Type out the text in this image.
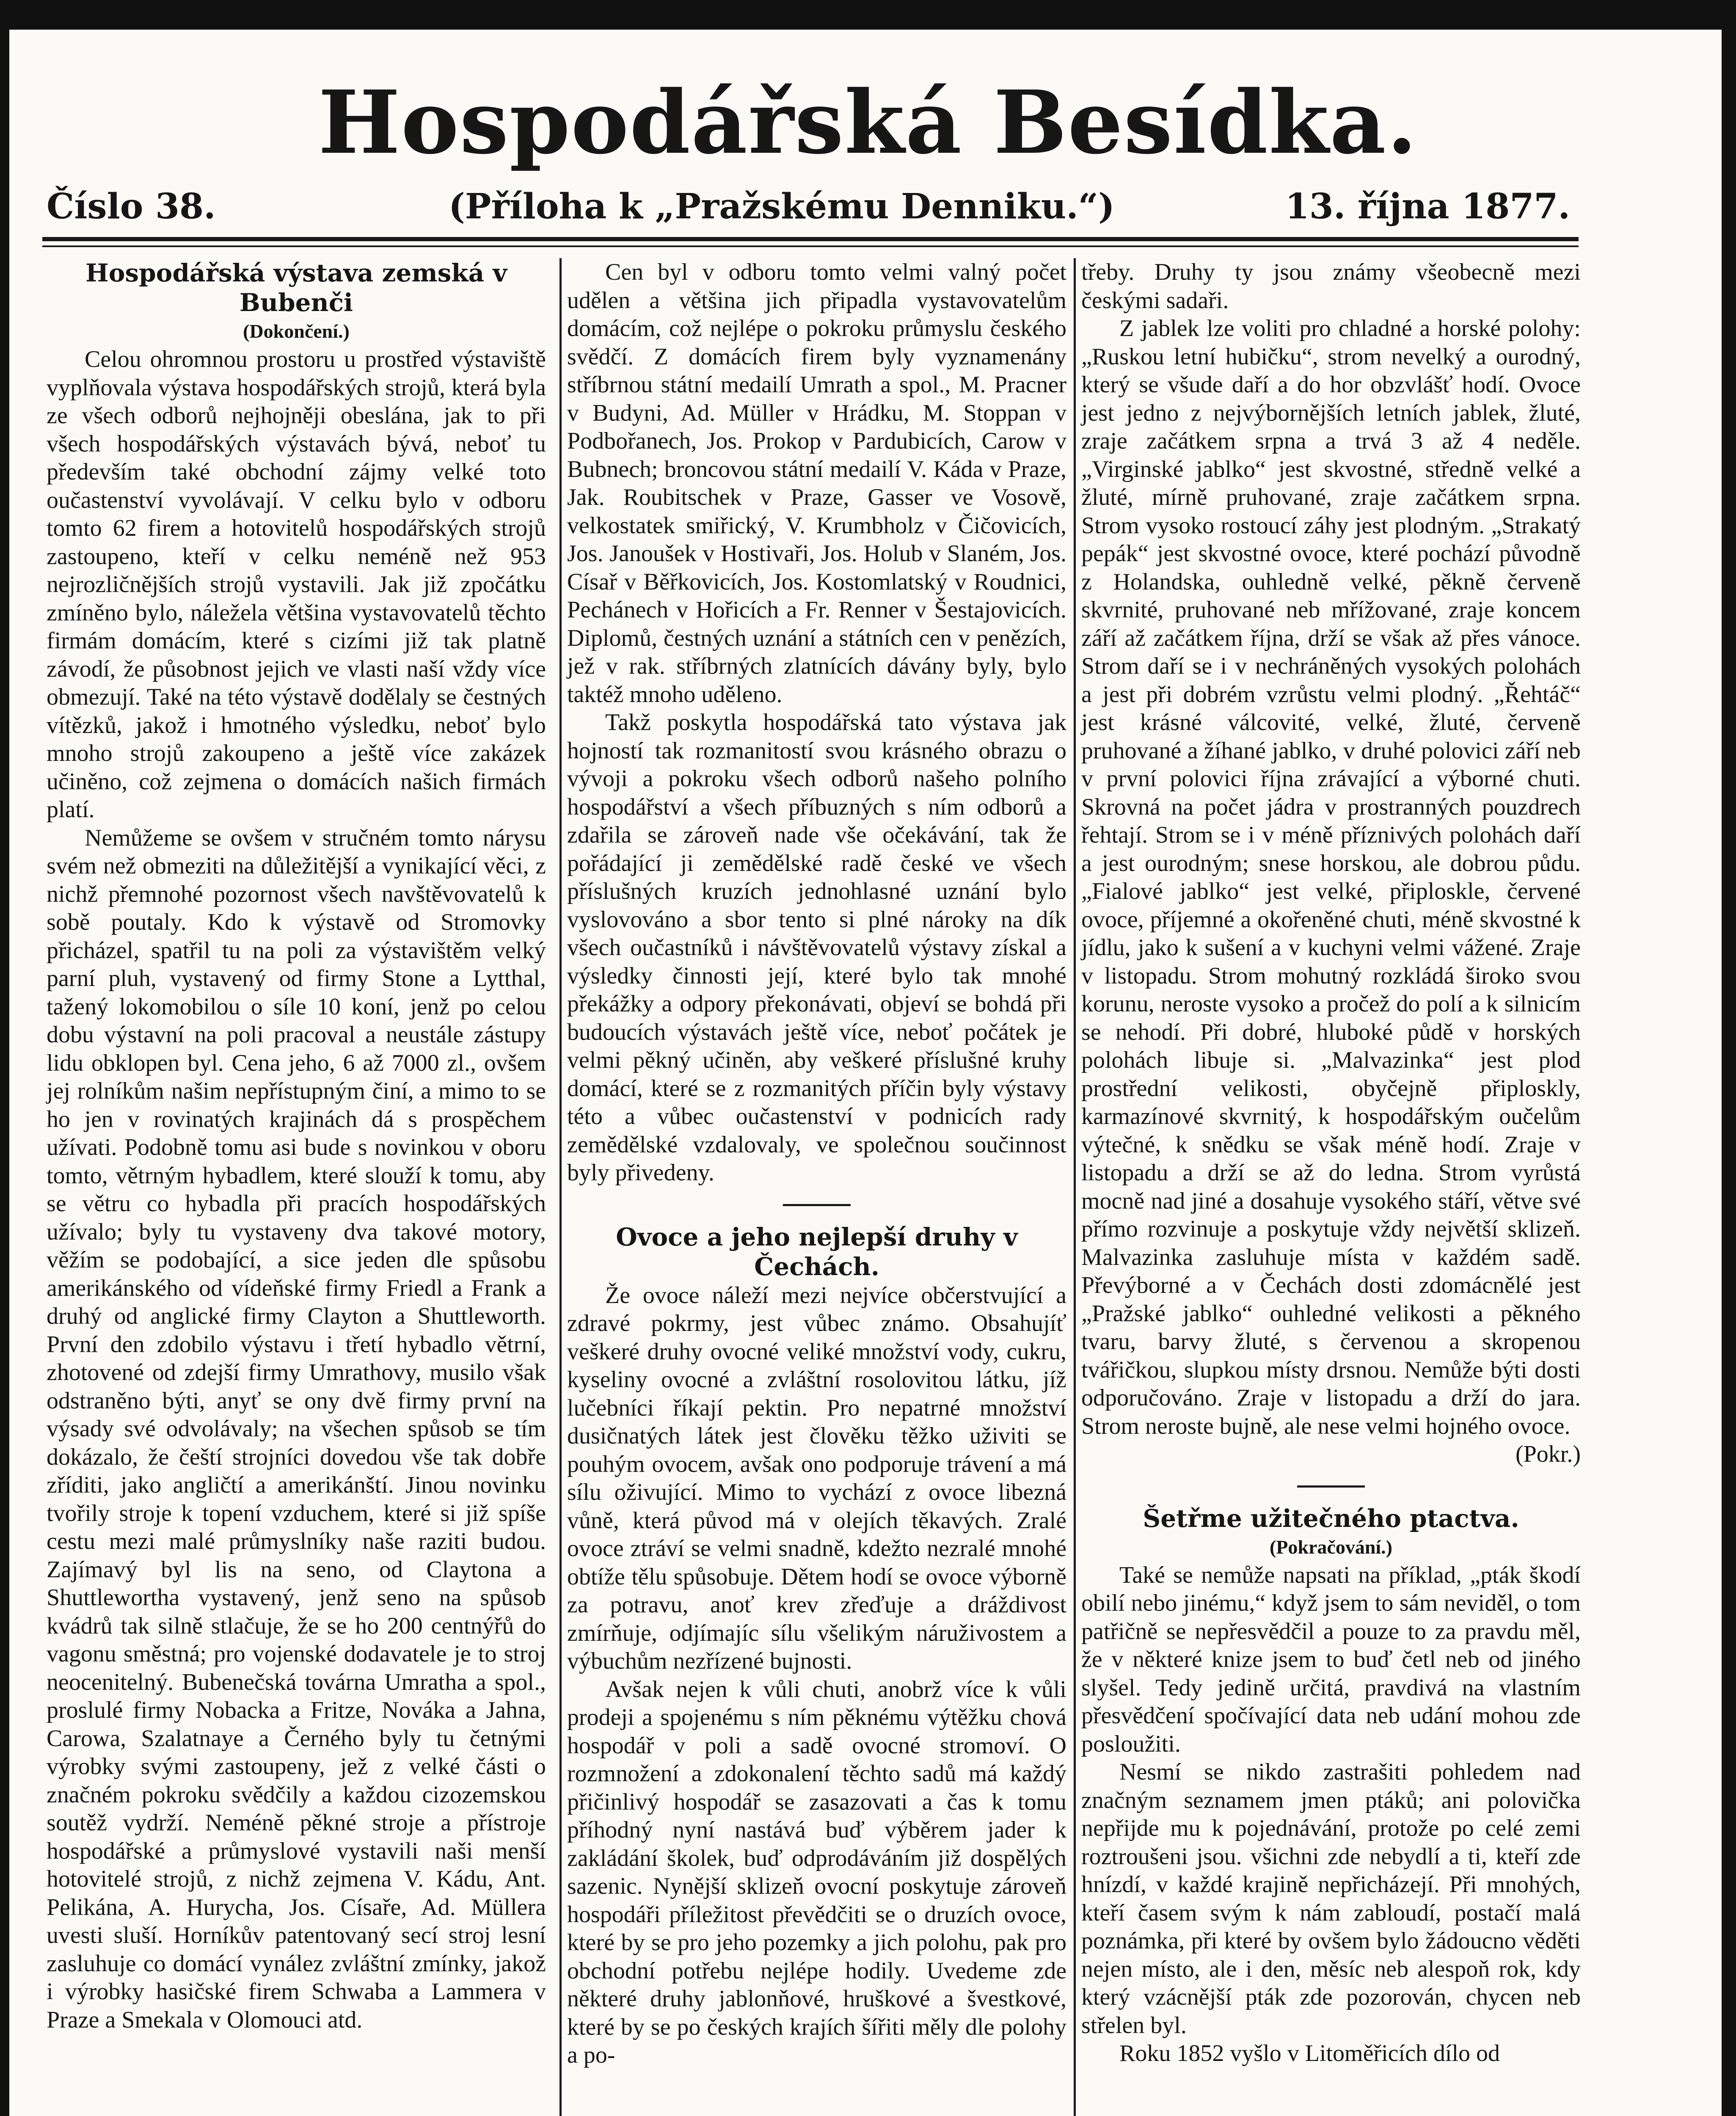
Hospodářská Besídka.
Číslo 38.	(Příloha k „Pražskému Denniku.“)	13. října 1877.
Hospodářská výstava zemská v Bubenči
(Dokončení.)

Celou ohromnou prostoru u prostřed výstaviště vyplňovala výstava hospodářských strojů, která byla ze všech odborů nejhojněji obeslána, jak to při všech hospodářských výstavách bývá, neboť tu především také obchodní zájmy velké toto oučastenství vyvolávají. V celku bylo v odboru tomto 62 firem a hotovitelů hospodářských strojů zastoupeno, kteří v celku neméně než 953 nejrozličnějších strojů vystavili. Jak již zpočátku zmíněno bylo, náležela většina vystavovatelů těchto firmám domácím, které s cizími již tak platně závodí, že působnost jejich ve vlasti naší vždy více obmezují. Také na této výstavě dodělaly se čestných vítězků, jakož i hmotného výsledku, neboť bylo mnoho strojů zakoupeno a ještě více zakázek učiněno, což zejmena o domácích našich firmách platí.

Nemůžeme se ovšem v stručném tomto nárysu svém než obmeziti na důležitější a vynikající věci, z nichž přemnohé pozornost všech navštěvovatelů k sobě poutaly. Kdo k výstavě od Stromovky přicházel, spatřil tu na poli za výstavištěm velký parní pluh, vystavený od firmy Stone a Lytthal, tažený lokomobilou o síle 10 koní, jenž po celou dobu výstavní na poli pracoval a neustále zástupy lidu obklopen byl. Cena jeho, 6 až 7000 zl., ovšem jej rolníkům našim nepřístupným činí, a mimo to se ho jen v rovinatých krajinách dá s prospěchem užívati. Podobně tomu asi bude s novinkou v oboru tomto, větrným hybadlem, které slouží k tomu, aby se větru co hybadla při pracích hospodářských užívalo; byly tu vystaveny dva takové motory, věžím se podobající, a sice jeden dle spůsobu amerikánského od vídeňské firmy Friedl a Frank a druhý od anglické firmy Clayton a Shuttleworth. První den zdobilo výstavu i třetí hybadlo větrní, zhotovené od zdejší firmy Umrathovy, musilo však odstraněno býti, anyť se ony dvě firmy první na výsady své odvolávaly; na všechen spůsob se tím dokázalo, že čeští strojníci dovedou vše tak dobře zříditi, jako angličtí a amerikánští. Jinou novinku tvořily stroje k topení vzduchem, které si již spíše cestu mezi malé průmyslníky naše raziti budou. Zajímavý byl lis na seno, od Claytona a Shuttlewortha vystavený, jenž seno na spůsob kvádrů tak silně stlačuje, že se ho 200 centnýřů do vagonu směstná; pro vojenské dodavatele je to stroj neocenitelný. Bubenečská továrna Umratha a spol., proslulé firmy Nobacka a Fritze, Nováka a Jahna, Carowa, Szalatnaye a Černého byly tu četnými výrobky svými zastoupeny, jež z velké části o značném pokroku svědčily a každou cizozemskou soutěž vydrží. Neméně pěkné stroje a přístroje hospodářské a průmyslové vystavili naši menší hotovitelé strojů, z nichž zejmena V. Kádu, Ant. Pelikána, A. Hurycha, Jos. Císaře, Ad. Müllera uvesti sluší. Horníkův patentovaný secí stroj lesní zasluhuje co domácí vynález zvláštní zmínky, jakož i výrobky hasičské firem Schwaba a Lammera v Praze a Smekala v Olomouci atd.

Cen byl v odboru tomto velmi valný počet udělen a většina jich připadla vystavovatelům domácím, což nejlépe o pokroku průmyslu českého svědčí. Z domácích firem byly vyznamenány stříbrnou státní medailí Umrath a spol., M. Pracner v Budyni, Ad. Müller v Hrádku, M. Stoppan v Podbořanech, Jos. Prokop v Pardubicích, Carow v Bubnech; broncovou státní medailí V. Káda v Praze, Jak. Roubitschek v Praze, Gasser ve Vosově, velkostatek smiřický, V. Krumbholz v Čičovicích, Jos. Janoušek v Hostivaři, Jos. Holub v Slaném, Jos. Císař v Běřkovicích, Jos. Kostomlatský v Roudnici, Pechánech v Hořicích a Fr. Renner v Šestajovicích. Diplomů, čestných uznání a státních cen v penězích, jež v rak. stříbrných zlatnících dávány byly, bylo taktéž mnoho uděleno.

Takž poskytla hospodářská tato výstava jak hojností tak rozmanitostí svou krásného obrazu o vývoji a pokroku všech odborů našeho polního hospodářství a všech příbuzných s ním odborů a zdařila se zároveň nade vše očekávání, tak že pořádající ji zemědělské radě české ve všech příslušných kruzích jednohlasné uznání bylo vyslovováno a sbor tento si plné nároky na dík všech oučastníků i návštěvovatelů výstavy získal a výsledky činnosti její, které bylo tak mnohé překážky a odpory překonávati, objeví se bohdá při budoucích výstavách ještě více, neboť počátek je velmi pěkný učiněn, aby veškeré příslušné kruhy domácí, které se z rozmanitých příčin byly výstavy této a vůbec oučastenství v podnicích rady zemědělské vzdalovaly, ve společnou součinnost byly přivedeny.

Ovoce a jeho nejlepší druhy v Čechách.

Že ovoce náleží mezi nejvíce občerstvující a zdravé pokrmy, jest vůbec známo. Obsahujíť veškeré druhy ovocné veliké množství vody, cukru, kyseliny ovocné a zvláštní rosolovitou látku, jíž lučebníci říkají pektin. Pro nepatrné množství dusičnatých látek jest člověku těžko uživiti se pouhým ovocem, avšak ono podporuje trávení a má sílu oživující. Mimo to vychází z ovoce libezná vůně, která původ má v olejích těkavých. Zralé ovoce ztráví se velmi snadně, kdežto nezralé mnohé obtíže tělu spůsobuje. Dětem hodí se ovoce výborně za potravu, anoť krev zřeďuje a dráždivost zmírňuje, odjímajíc sílu všelikým náruživostem a výbuchům nezřízené bujnosti.

Avšak nejen k vůli chuti, anobrž více k vůli prodeji a spojenému s ním pěknému výtěžku chová hospodář v poli a sadě ovocné stromoví. O rozmnožení a zdokonalení těchto sadů má každý přičinlivý hospodář se zasazovati a čas k tomu příhodný nyní nastává buď výběrem jader k zakládání školek, buď odprodáváním již dospělých sazenic. Nynější sklizeň ovocní poskytuje zároveň hospodáři příležitost převědčiti se o druzích ovoce, které by se pro jeho pozemky a jich polohu, pak pro obchodní potřebu nejlépe hodily. Uvedeme zde některé druhy jablonňové, hruškové a švestkové, které by se po českých krajích šířiti měly dle polohy a po-

třeby. Druhy ty jsou známy všeobecně mezi českými sadaři.

Z jablek lze voliti pro chladné a horské polohy: „Ruskou letní hubičku“, strom nevelký a ourodný, který se všude daří a do hor obzvlášť hodí. Ovoce jest jedno z nejvýbornějších letních jablek, žluté, zraje začátkem srpna a trvá 3 až 4 neděle. „Virginské jablko“ jest skvostné, středně velké a žluté, mírně pruhované, zraje začátkem srpna. Strom vysoko rostoucí záhy jest plodným. „Strakatý pepák“ jest skvostné ovoce, které pochází původně z Holandska, ouhledně velké, pěkně červeně skvrnité, pruhované neb mřížované, zraje koncem září až začátkem října, drží se však až přes vánoce. Strom daří se i v nechráněných vysokých polohách a jest při dobrém vzrůstu velmi plodný. „Řehtáč“ jest krásné válcovité, velké, žluté, červeně pruhované a žíhané jablko, v druhé polovici září neb v první polovici října zrávající a výborné chuti. Skrovná na počet jádra v prostranných pouzdrech řehtají. Strom se i v méně příznivých polohách daří a jest ourodným; snese horskou, ale dobrou půdu. „Fialové jablko“ jest velké, připloskle, červené ovoce, příjemné a okořeněné chuti, méně skvostné k jídlu, jako k sušení a v kuchyni velmi vážené. Zraje v listopadu. Strom mohutný rozkládá široko svou korunu, neroste vysoko a pročež do polí a k silnicím se nehodí. Při dobré, hluboké půdě v horských polohách libuje si. „Malvazinka“ jest plod prostřední velikosti, obyčejně připloskly, karmazínové skvrnitý, k hospodářským oučelům výtečné, k snědku se však méně hodí. Zraje v listopadu a drží se až do ledna. Strom vyrůstá mocně nad jiné a dosahuje vysokého stáří, větve své přímo rozvinuje a poskytuje vždy největší sklizeň. Malvazinka zasluhuje místa v každém sadě. Převýborné a v Čechách dosti zdomácnělé jest „Pražské jablko“ ouhledné velikosti a pěkného tvaru, barvy žluté, s červenou a skropenou tvářičkou, slupkou místy drsnou. Nemůže býti dosti odporučováno. Zraje v listopadu a drží do jara. Strom neroste bujně, ale nese velmi hojného ovoce.

(Pokr.)
Šetřme užitečného ptactva.
(Pokračování.)

Také se nemůže napsati na příklad, „pták škodí obilí nebo jinému,“ když jsem to sám neviděl, o tom patřičně se nepřesvědčil a pouze to za pravdu měl, že v některé knize jsem to buď četl neb od jiného slyšel. Tedy jedině určitá, pravdivá na vlastním přesvědčení spočívající data neb udání mohou zde posloužiti.

Nesmí se nikdo zastrašiti pohledem nad značným seznamem jmen ptáků; ani polovička nepřijde mu k pojednávání, protože po celé zemi roztroušeni jsou. všichni zde nebydlí a ti, kteří zde hnízdí, v každé krajině nepřicházejí. Při mnohých, kteří časem svým k nám zabloudí, postačí malá poznámka, při které by ovšem bylo žádoucno věděti nejen místo, ale i den, měsíc neb alespoň rok, kdy který vzácnější pták zde pozorován, chycen neb střelen byl.

Roku 1852 vyšlo v Litoměřicích dílo od
